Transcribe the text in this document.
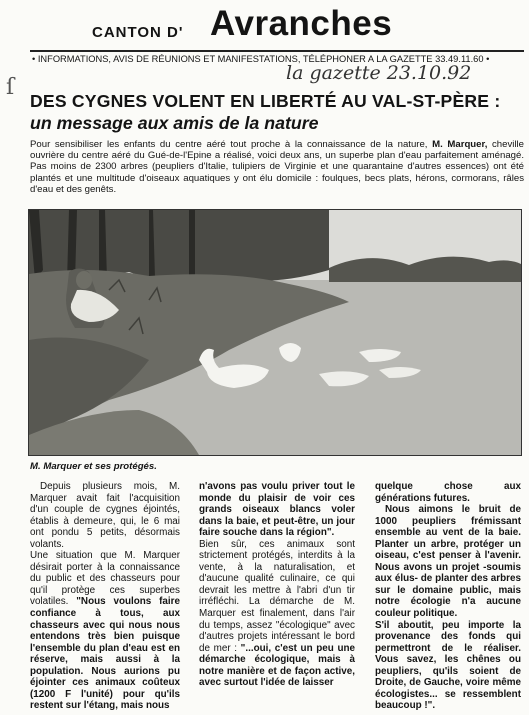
CANTON D' Avranches
• INFORMATIONS, AVIS DE RÉUNIONS ET MANIFESTATIONS, TÉLÉPHONER A LA GAZETTE 33.49.11.60 •
la gazette 23.10.92
ſ
DES CYGNES VOLENT EN LIBERTÉ AU VAL-ST-PÈRE :
un message aux amis de la nature
Pour sensibiliser les enfants du centre aéré tout proche à la connaissance de la nature, M. Marquer, cheville ouvrière du centre aéré du Gué-de-l'Epine a réalisé, voici deux ans, un superbe plan d'eau parfaitement aménagé. Pas moins de 2300 arbres (peupliers d'Italie, tulipiers de Virginie et une quarantaine d'autres essences) ont été plantés et une multitude d'oiseaux aquatiques y ont élu domicile : foulques, becs plats, hérons, cormorans, râles d'eau et des genêts.
M. Marquer et ses protégés.

Depuis plusieurs mois, M. Marquer avait fait l'acquisition d'un couple de cygnes éjointés, établis à demeure, qui, le 6 mai ont pondu 5 petits, désormais volants.

Une situation que M. Marquer désirait porter à la connaissance du public et des chasseurs pour qu'il protège ces superbes volatiles. "Nous voulons faire confiance à tous, aux chasseurs avec qui nous nous entendons très bien puisque l'ensemble du plan d'eau est en réserve, mais aussi à la population. Nous aurions pu éjointer ces animaux coûteux (1200 F l'unité) pour qu'ils restent sur l'étang, mais nous

n'avons pas voulu priver tout le monde du plaisir de voir ces grands oiseaux blancs voler dans la baie, et peut-être, un jour faire souche dans la région".

Bien sûr, ces animaux sont strictement protégés, interdits à la vente, à la naturalisation, et d'aucune qualité culinaire, ce qui devrait les mettre à l'abri d'un tir irréfléchi. La démarche de M. Marquer est finalement, dans l'air du temps, assez "écologique" avec d'autres projets intéressant le bord de mer : "...oui, c'est un peu une démarche écologique, mais à notre manière et de façon active, avec surtout l'idée de laisser

quelque chose aux générations futures.

Nous aimons le bruit de 1000 peupliers frémissant ensemble au vent de la baie. Planter un arbre, protéger un oiseau, c'est penser à l'avenir. Nous avons un projet -soumis aux élus- de planter des arbres sur le domaine public, mais notre écologie n'a aucune couleur politique.

S'il aboutit, peu importe la provenance des fonds qui permettront de le réaliser. Vous savez, les chênes ou peupliers, qu'ils soient de Droite, de Gauche, voire même écologistes... se ressemblent beaucoup !".
